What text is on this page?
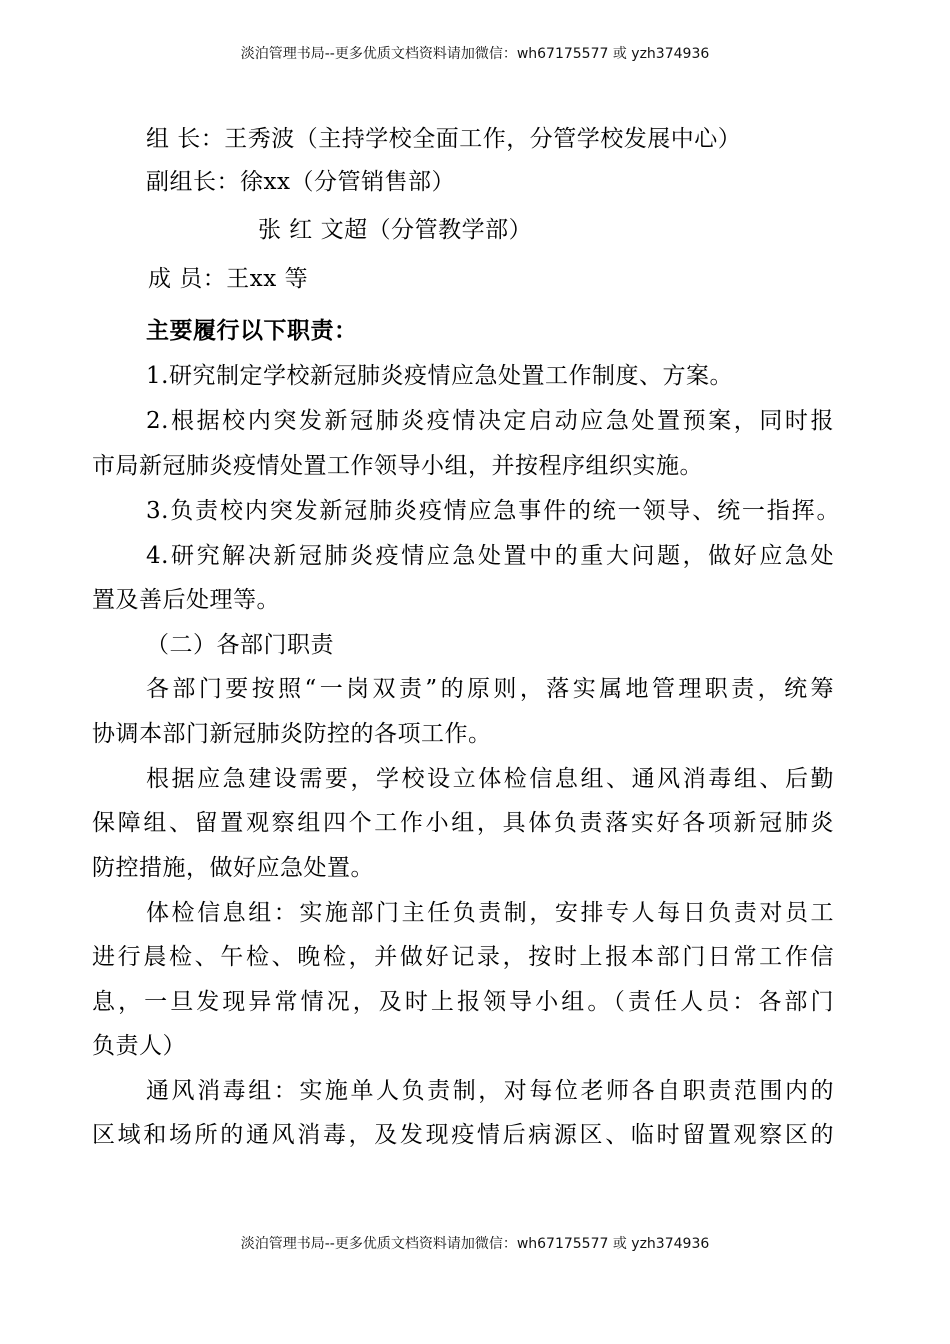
淡泊管理书局--更多优质文档资料请加微信：wh67175577 或 yzh374936
组 长：王秀波（主持学校全面工作，分管学校发展中心）
副组长：徐xx（分管销售部）
张 红 文超（分管教学部）
成 员：王xx 等
主要履行以下职责：
1.研究制定学校新冠肺炎疫情应急处置工作制度、方案。
2.根据校内突发新冠肺炎疫情决定启动应急处置预案，同时报
市局新冠肺炎疫情处置工作领导小组，并按程序组织实施。
3.负责校内突发新冠肺炎疫情应急事件的统一领导、统一指挥。
4.研究解决新冠肺炎疫情应急处置中的重大问题，做好应急处
置及善后处理等。
（二）各部门职责
各部门要按照“一岗双责”的原则，落实属地管理职责，统筹
协调本部门新冠肺炎防控的各项工作。
根据应急建设需要，学校设立体检信息组、通风消毒组、后勤
保障组、留置观察组四个工作小组，具体负责落实好各项新冠肺炎
防控措施，做好应急处置。
体检信息组：实施部门主任负责制，安排专人每日负责对员工
进行晨检、午检、晚检，并做好记录，按时上报本部门日常工作信
息，一旦发现异常情况，及时上报领导小组。（责任人员：各部门
负责人）
通风消毒组：实施单人负责制，对每位老师各自职责范围内的
区域和场所的通风消毒，及发现疫情后病源区、临时留置观察区的
淡泊管理书局--更多优质文档资料请加微信：wh67175577 或 yzh374936
